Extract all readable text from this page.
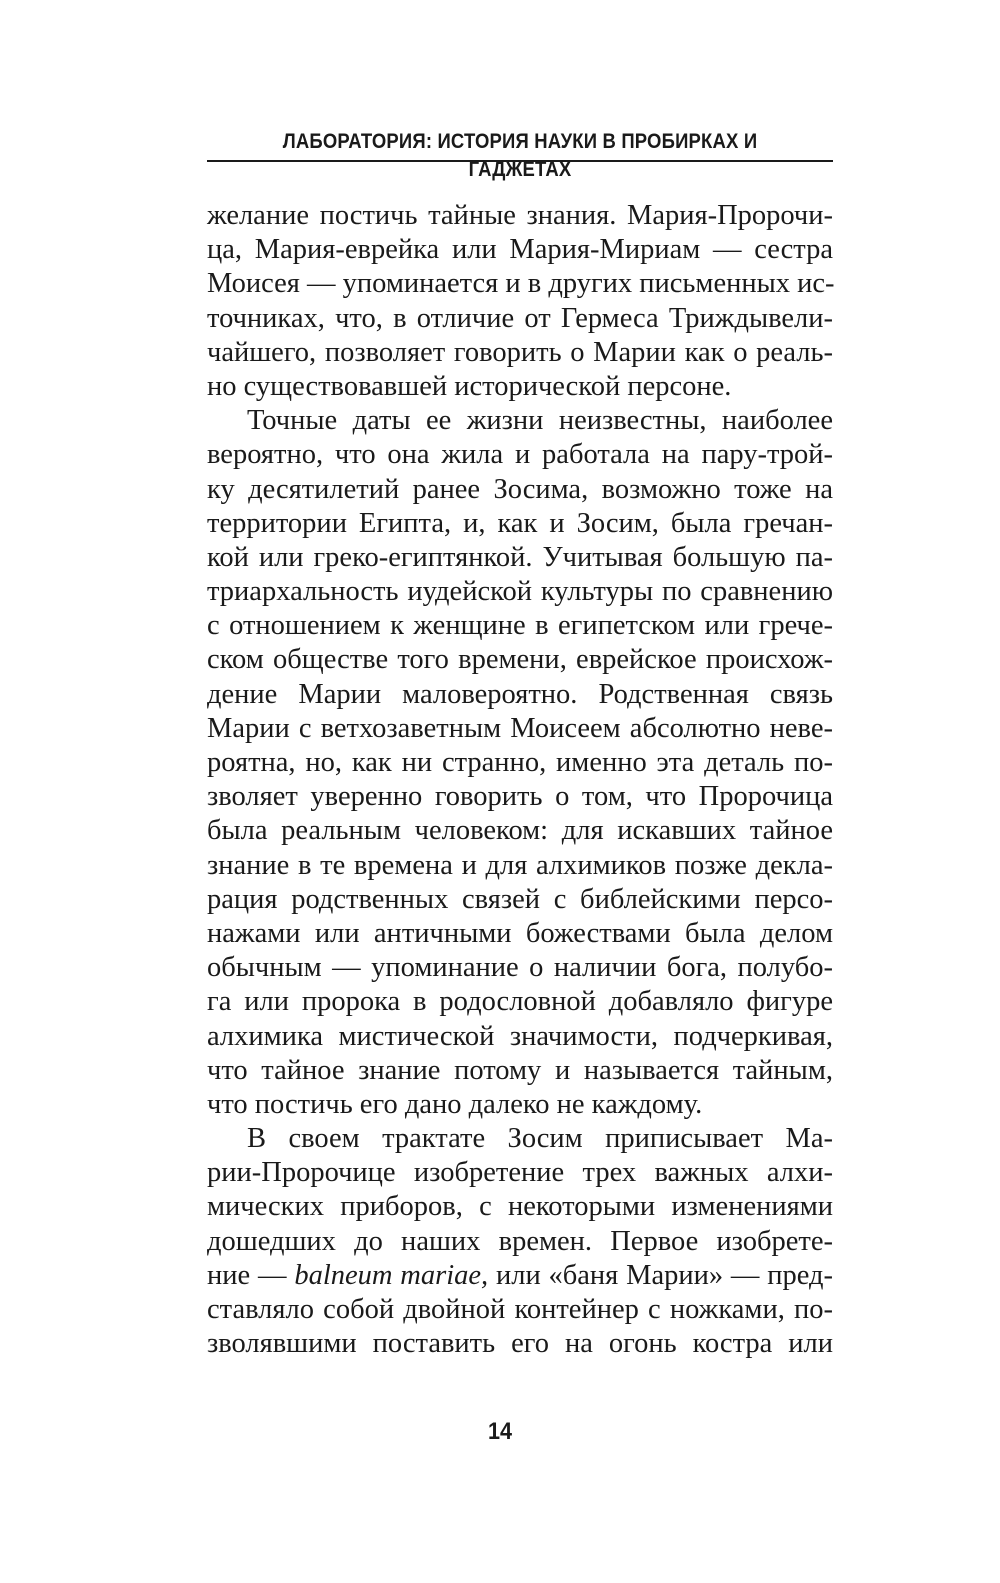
ЛАБОРАТОРИЯ: ИСТОРИЯ НАУКИ В ПРОБИРКАХ И ГАДЖЕТАХ
желание постичь тайные знания. Мария-Пророчи-
ца, Мария-еврейка или Мария-Мириам — сестра
Моисея — упоминается и в других письменных ис-
точниках, что, в отличие от Гермеса Триждывели-
чайшего, позволяет говорить о Марии как о реаль-
но существовавшей исторической персоне.
Точные даты ее жизни неизвестны, наиболее
вероятно, что она жила и работала на пару-трой-
ку десятилетий ранее Зосима, возможно тоже на
территории Египта, и, как и Зосим, была гречан-
кой или греко-египтянкой. Учитывая большую па-
триархальность иудейской культуры по сравнению
с отношением к женщине в египетском или грече-
ском обществе того времени, еврейское происхож-
дение Марии маловероятно. Родственная связь
Марии с ветхозаветным Моисеем абсолютно неве-
роятна, но, как ни странно, именно эта деталь по-
зволяет уверенно говорить о том, что Пророчица
была реальным человеком: для искавших тайное
знание в те времена и для алхимиков позже декла-
рация родственных связей с библейскими персо-
нажами или античными божествами была делом
обычным — упоминание о наличии бога, полубо-
га или пророка в родословной добавляло фигуре
алхимика мистической значимости, подчеркивая,
что тайное знание потому и называется тайным,
что постичь его дано далеко не каждому.
В своем трактате Зосим приписывает Ма-
рии-Пророчице изобретение трех важных алхи-
мических приборов, с некоторыми изменениями
дошедших до наших времен. Первое изобрете-
ние — balneum mariae, или «баня Марии» — пред-
ставляло собой двойной контейнер с ножками, по-
зволявшими поставить его на огонь костра или
14
